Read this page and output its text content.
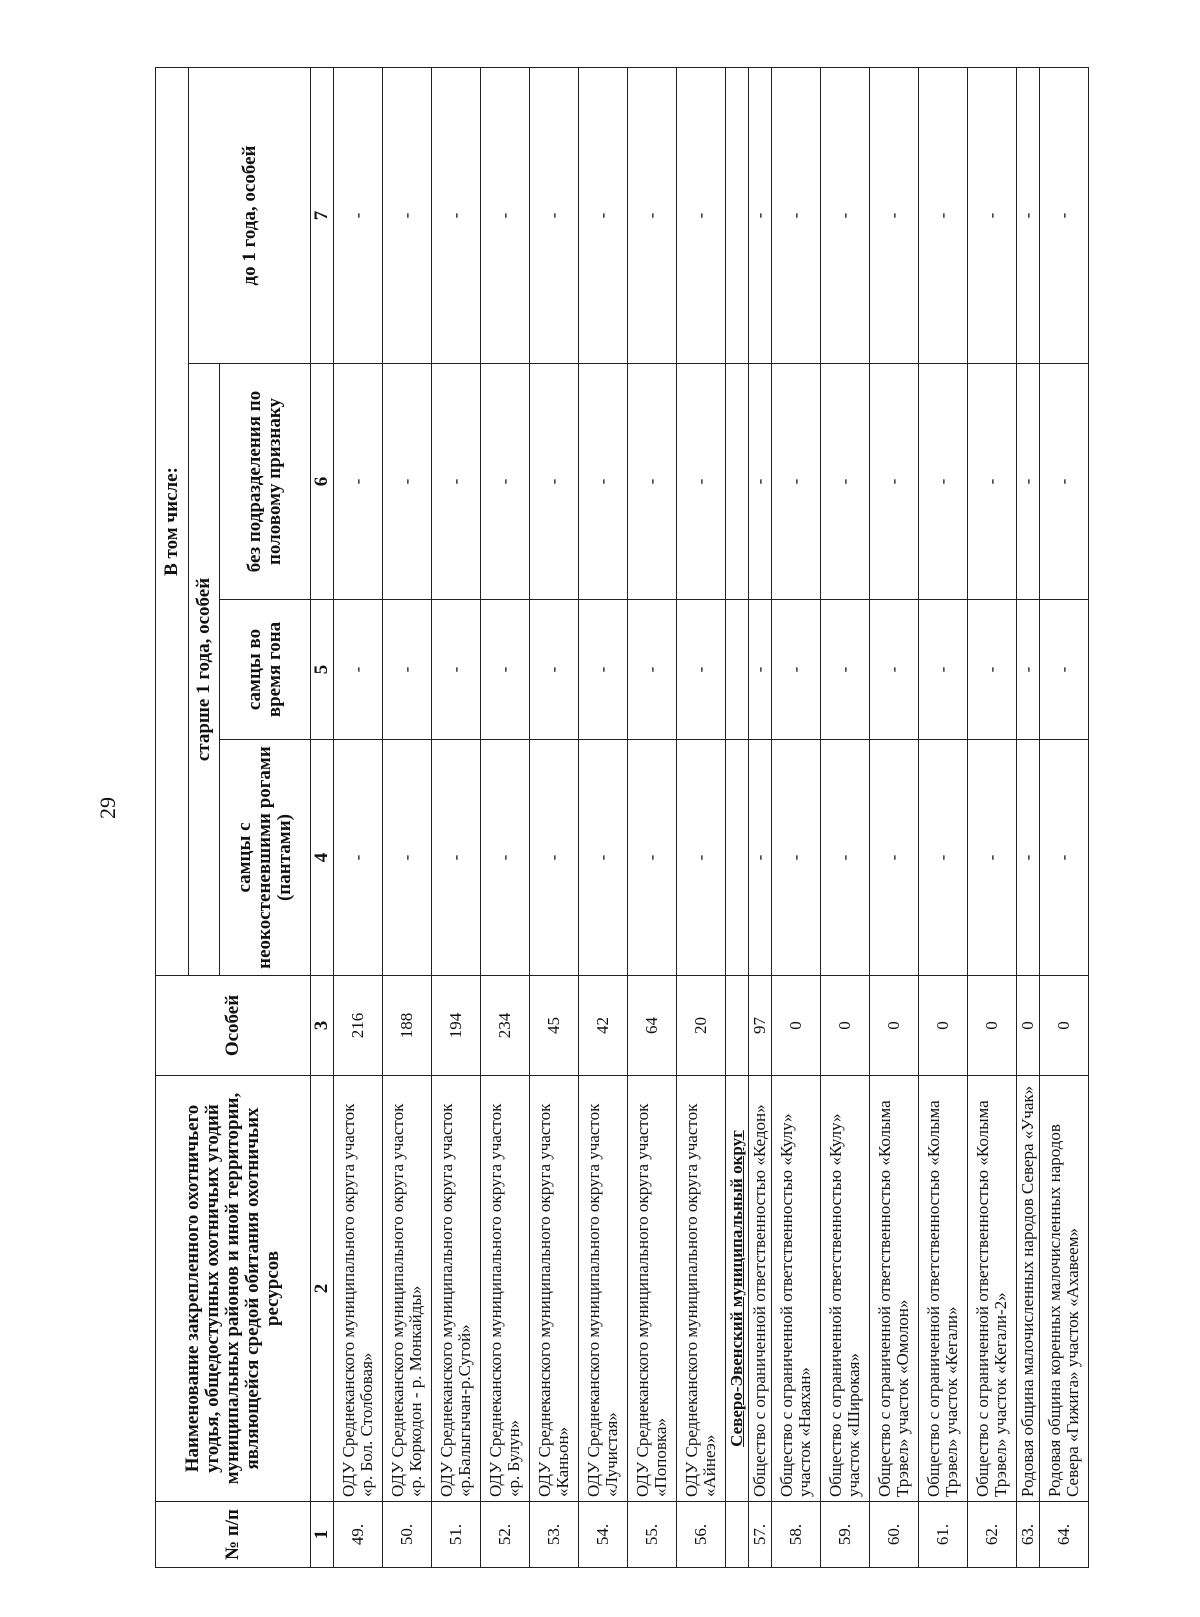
29
№ п/п	Наименование закрепленного охотничьего угодья, общедоступных охотничьих угодий муниципальных районов и иной территории, являющейся средой обитания охотничьих ресурсов	Особей	В том числе:			
			старше 1 года, особей			до 1 года, особей
			самцы с неокостеневшими рогами (пантами)	самцы во время гона	без подразделения по половому признаку	
1	2	3	4	5	6	7
49.	ОДУ Среднеканского муниципального округа участок «р. Бол. Столбовая»	216	-	-	-	-
50.	ОДУ Среднеканского муниципального округа участок «р. Коркодон - р. Монкайды»	188	-	-	-	-
51.	ОДУ Среднеканского муниципального округа участок «р.Балыгычан-р.Сугой»	194	-	-	-	-
52.	ОДУ Среднеканского муниципального округа участок «р. Булун»	234	-	-	-	-
53.	ОДУ Среднеканского муниципального округа участок «Каньон»	45	-	-	-	-
54.	ОДУ Среднеканского муниципального округа участок «Лучистая»	42	-	-	-	-
55.	ОДУ Среднеканского муниципального округа участок «Поповка»	64	-	-	-	-
56.	ОДУ Среднеканского муниципального округа участок «Айнеэ»	20	-	-	-	-
	Северо-Эвенский муниципальный округ					
57.	Общество с ограниченной ответственностью «Кедон»	97	-	-	-	-
58.	Общество с ограниченной ответственностью «Кулу» участок «Наяхан»	0	-	-	-	-
59.	Общество с ограниченной ответственностью «Кулу» участок «Широкая»	0	-	-	-	-
60.	Общество с ограниченной ответственностью «Колыма Трэвел» участок «Омолон»	0	-	-	-	-
61.	Общество с ограниченной ответственностью «Колыма Трэвел» участок «Кегали»	0	-	-	-	-
62.	Общество с ограниченной ответственностью «Колыма Трэвел» участок «Кегали-2»	0	-	-	-	-
63.	Родовая община малочисленных народов Севера «Учак»	0	-	-	-	-
64.	Родовая община коренных малочисленных народов Севера «Гижига» участок «Ахавеем»	0	-	-	-	-
